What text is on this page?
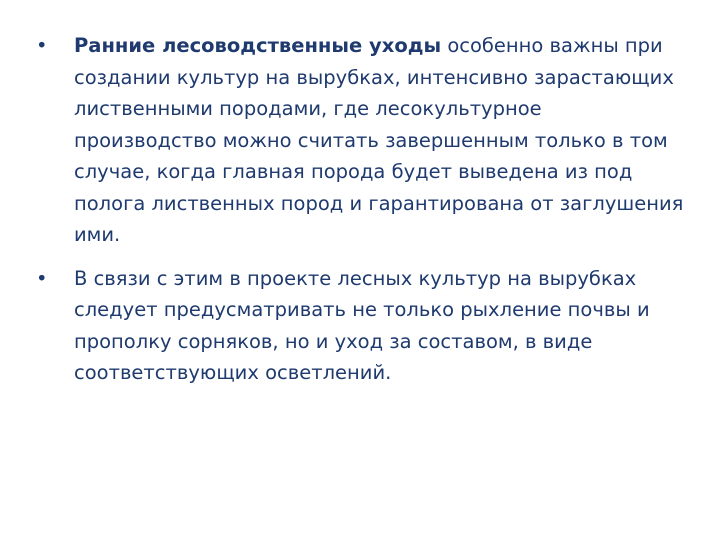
•	Ранние лесоводственные уходы особенно важны при создании культур на вырубках, интенсивно зарастающих лиственными породами, где лесокультурное производство можно считать завершенным только в том случае, когда главная порода будет выведена из под полога лиственных пород и гарантирована от заглушения ими.
•	В связи с этим в проекте лесных культур на вырубках следует предусматривать не только рыхление почвы и прополку сорняков, но и уход за составом, в виде соответствующих осветлений.
